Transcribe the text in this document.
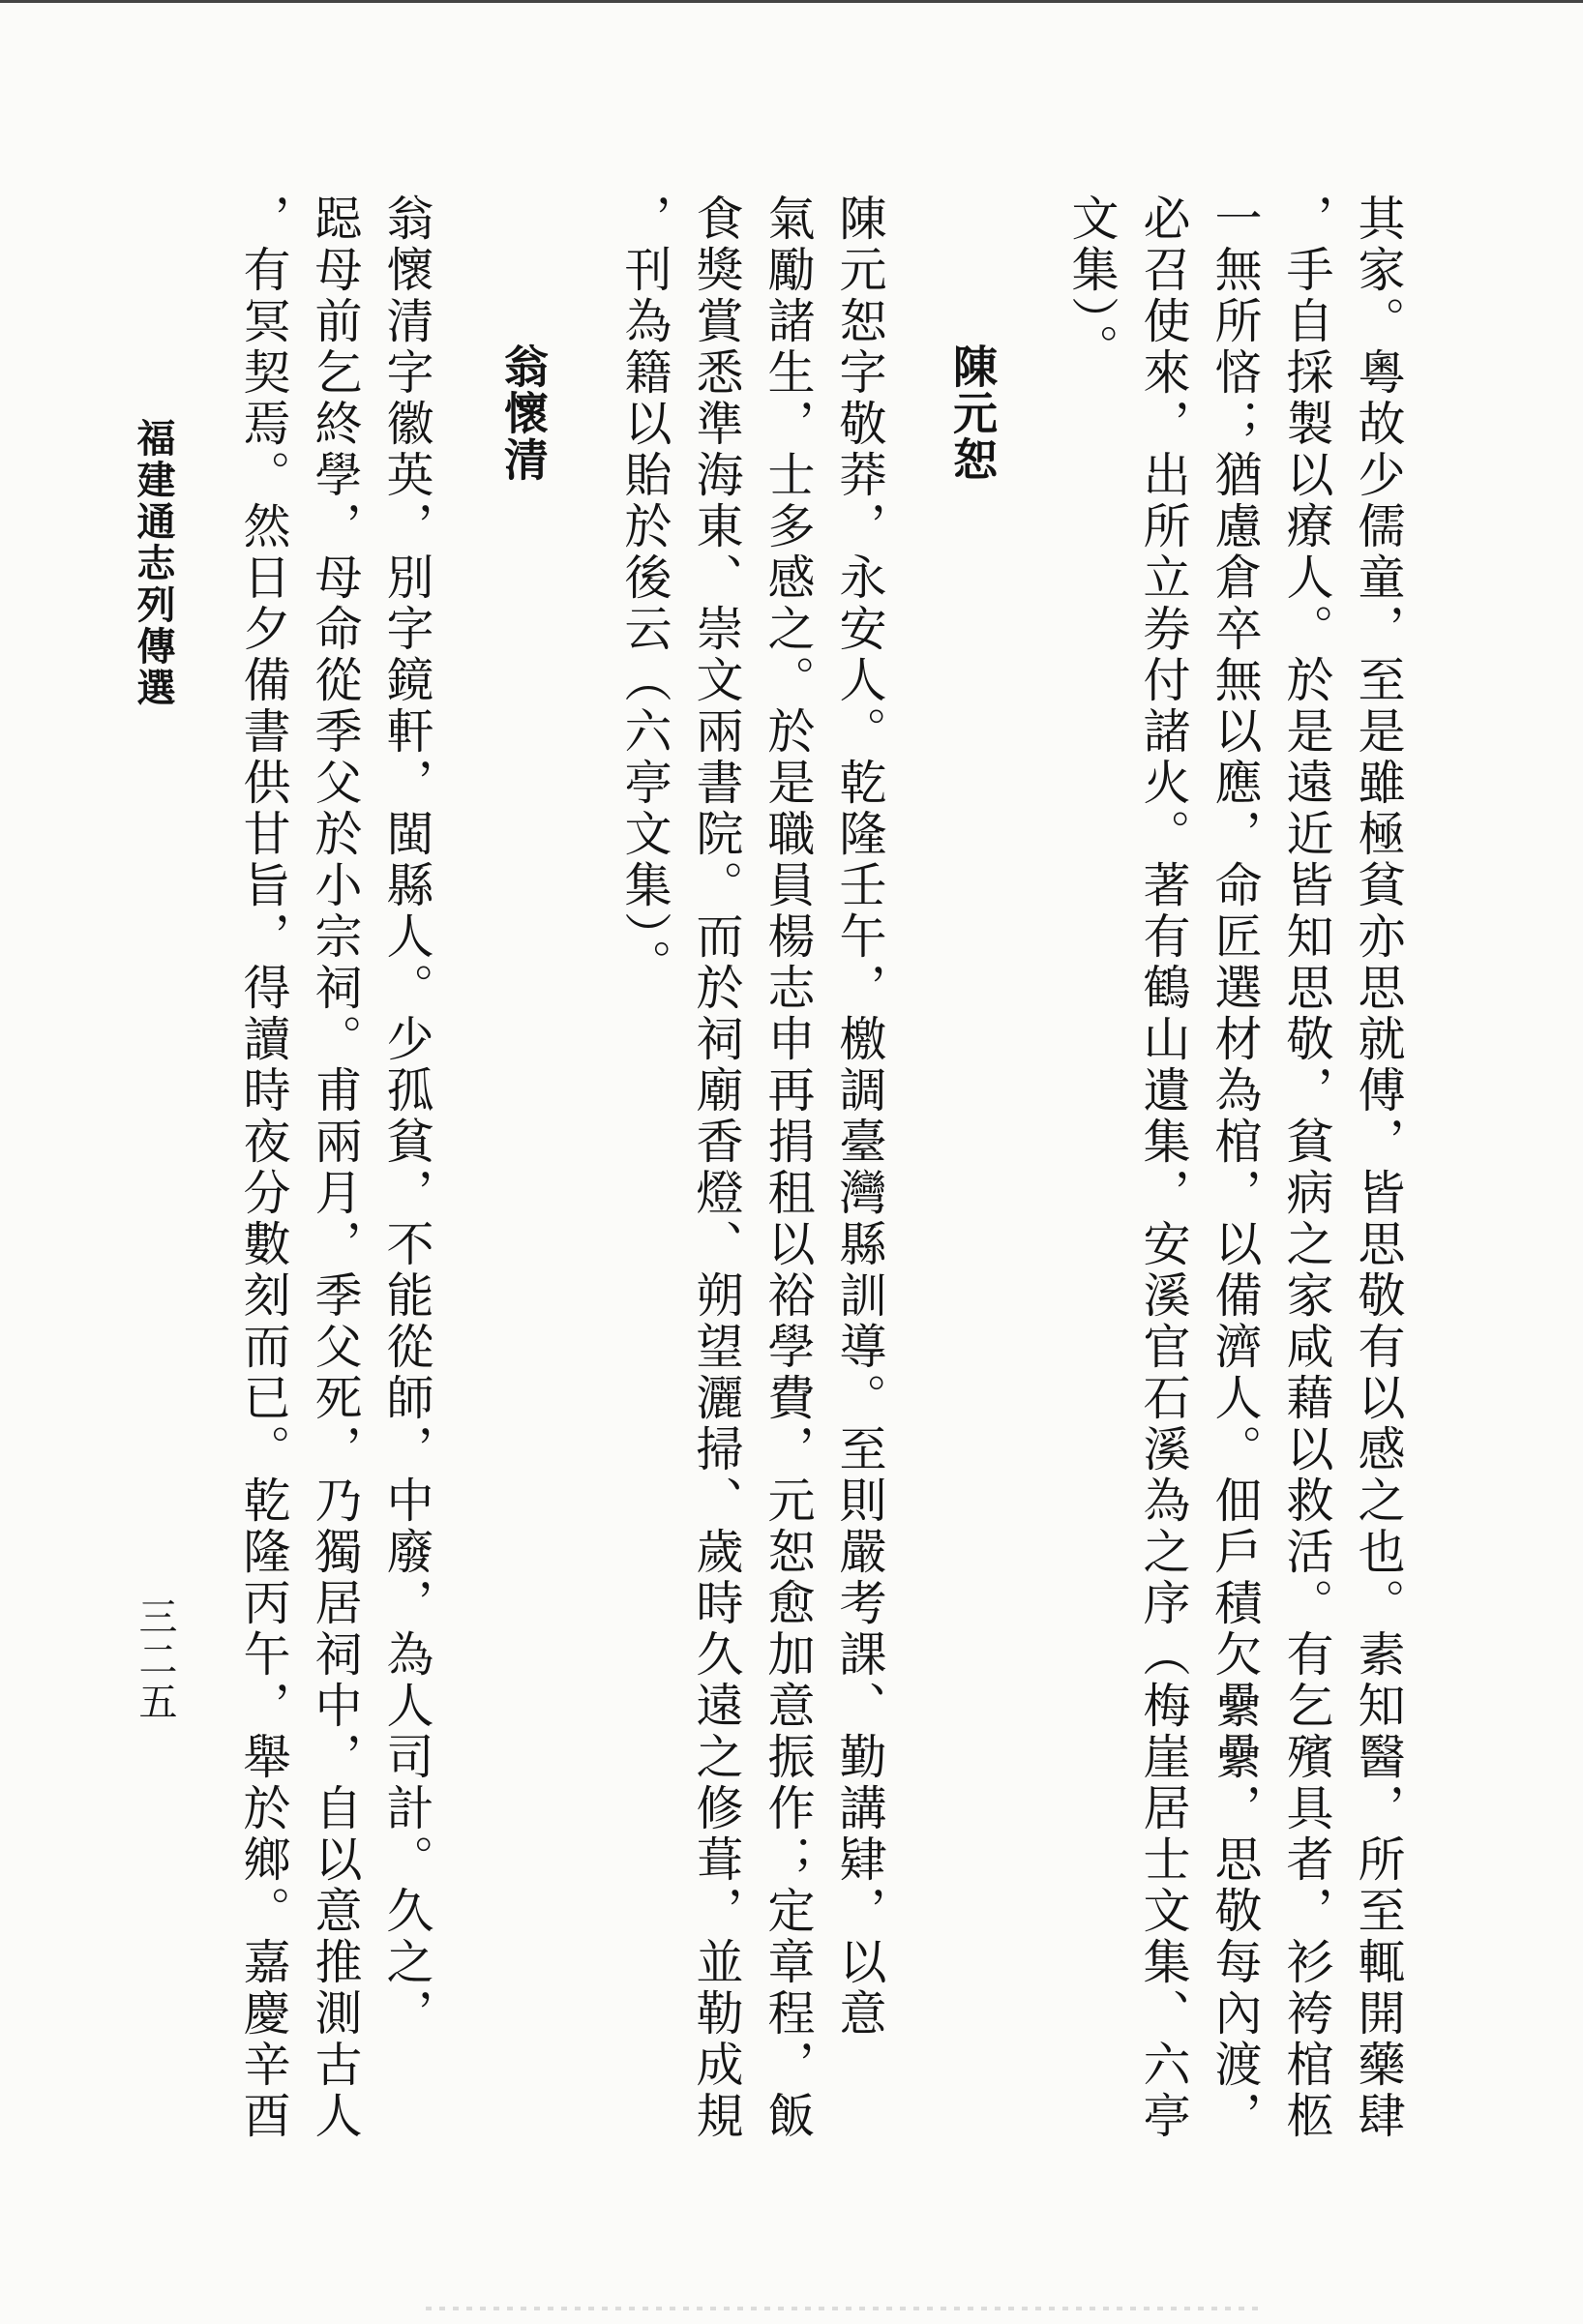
其家。粵故少儒童，至是雖極貧亦思就傅，皆思敬有以感之也。素知醫，所至輒開藥肆

，手自採製以療人。於是遠近皆知思敬，貧病之家咸藉以救活。有乞殯具者，衫袴棺柩

一無所悋；猶慮倉卒無以應，命匠選材為棺，以備濟人。佃戶積欠纍纍，思敬每內渡，

必召使來，出所立券付諸火。著有鶴山遺集，安溪官石溪為之序（梅崖居士文集、六亭

文集）。

陳元恕

陳元恕字敬莽，永安人。乾隆壬午，檄調臺灣縣訓導。至則嚴考課、勤講肄，以意

氣勵諸生，士多感之。於是職員楊志申再捐租以裕學費，元恕愈加意振作；定章程，飯

食獎賞悉準海東、崇文兩書院。而於祠廟香燈、朔望灑掃、歲時久遠之修葺，並勒成規

，刊為籍以貽於後云（六亭文集）。

翁懷清

翁懷清字徽英，別字鏡軒，閩縣人。少孤貧，不能從師，中廢，為人司計。久之，

跽母前乞終學，母命從季父於小宗祠。甫兩月，季父死，乃獨居祠中，自以意推測古人

，有冥契焉。然日夕備書供甘旨，得讀時夜分數刻而已。乾隆丙午，舉於鄉。嘉慶辛酉

福建通志列傳選
三二五
